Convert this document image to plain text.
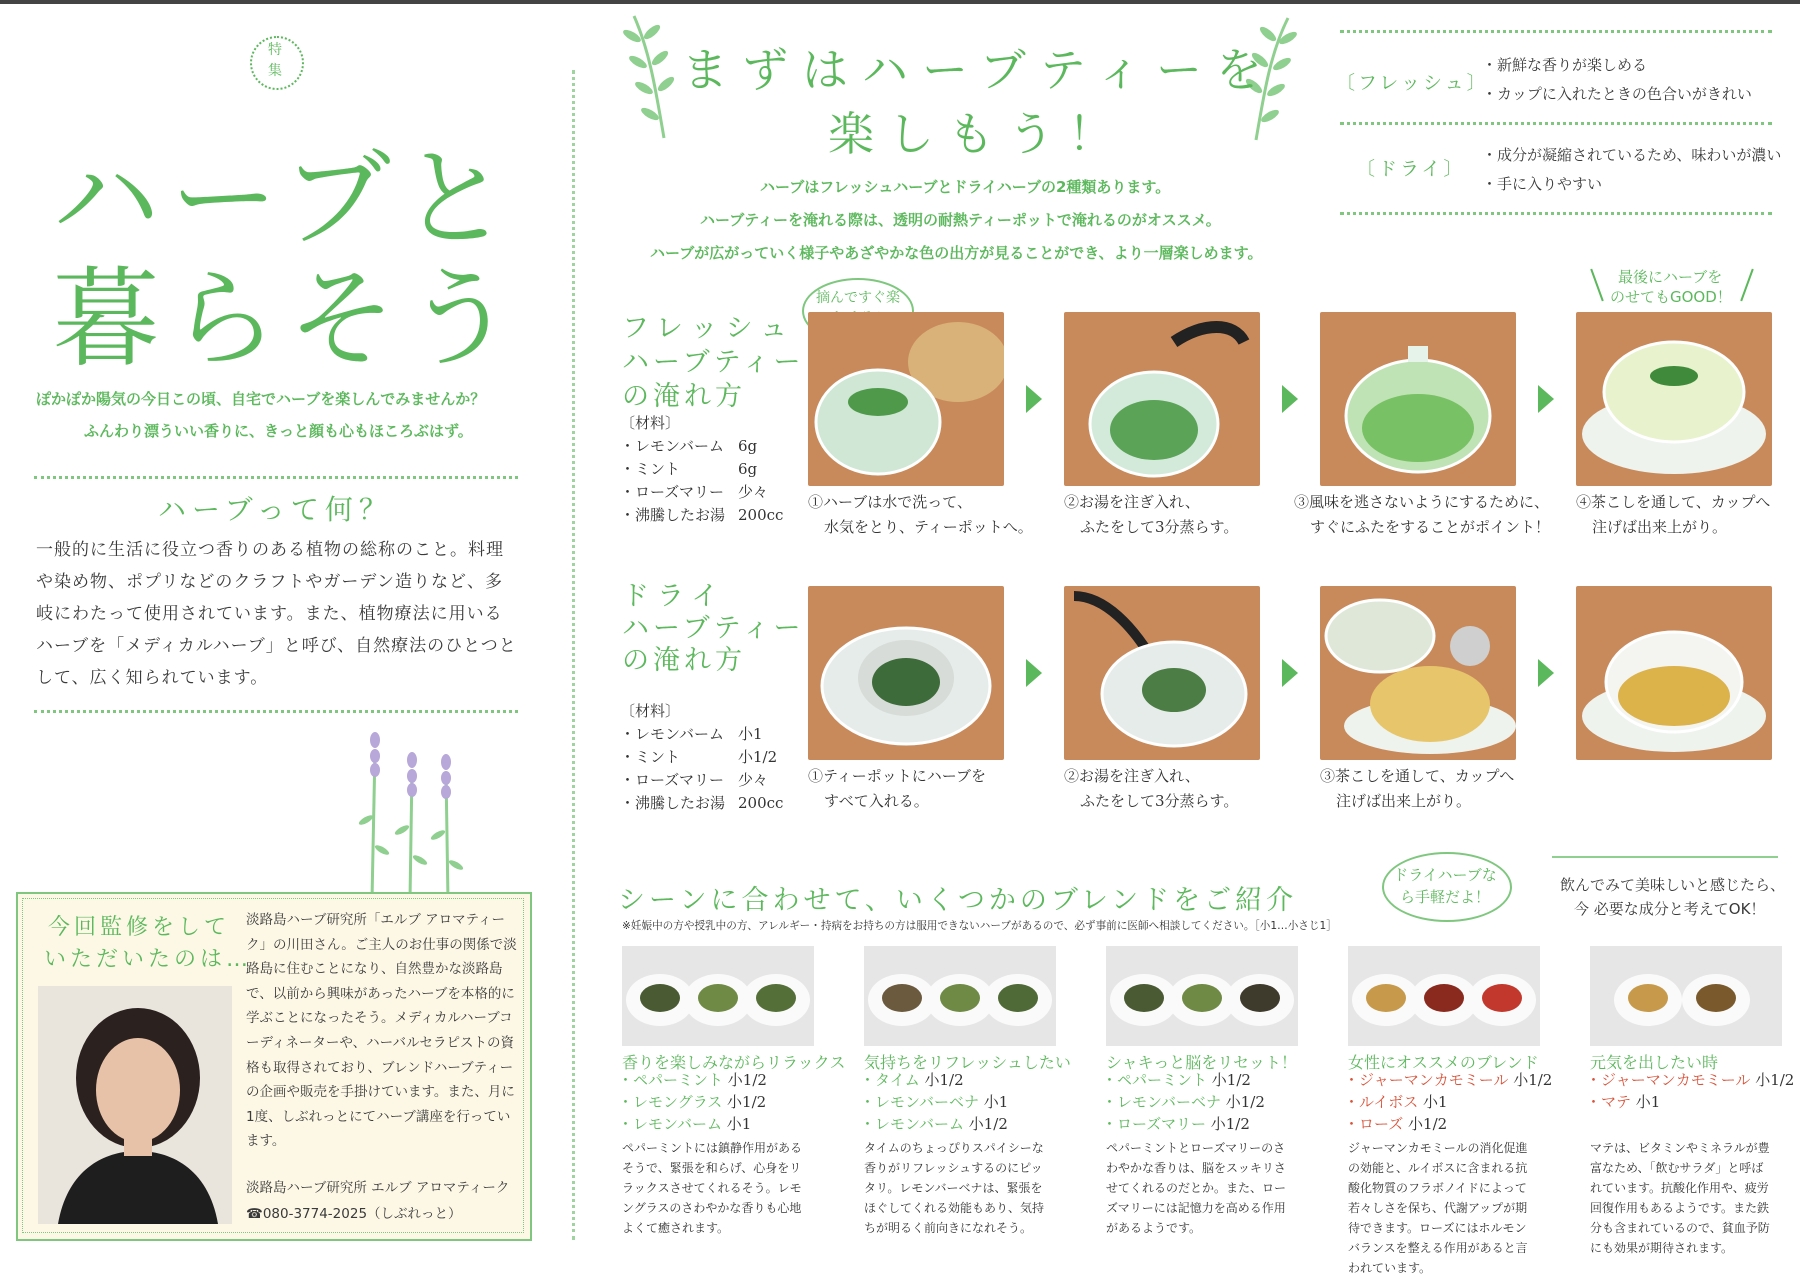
特集
ハーブと
暮らそう
ぽかぽか陽気の今日この頃、自宅でハーブを楽しんでみませんか？
ふんわり漂ういい香りに、きっと顔も心もほころぶはず。
ハーブって何？
一般的に生活に役立つ香りのある植物の総称のこと。料理や染め物、ポプリなどのクラフトやガーデン造りなど、多岐にわたって使用されています。また、植物療法に用いるハーブを「メディカルハーブ」と呼び、自然療法のひとつとして、広く知られています。
今回監修をして
いただいたのは…
淡路島ハーブ研究所「エルブ アロマティーク」の川田さん。ご主人のお仕事の関係で淡路島に住むことになり、自然豊かな淡路島で、以前から興味があったハーブを本格的に学ぶことになったそう。メディカルハーブコーディネーターや、ハーバルセラピストの資格も取得されており、ブレンドハーブティーの企画や販売を手掛けています。また、月に1度、しぶれっとにてハーブ講座を行っています。
淡路島ハーブ研究所 エルブ アロマティーク
☎080-3774-2025（しぶれっと）
まずはハーブティーを
楽しもう！
ハーブはフレッシュハーブとドライハーブの2種類あります。
ハーブティーを淹れる際は、透明の耐熱ティーポットで淹れるのがオススメ。
ハーブが広がっていく様子やあざやかな色の出方が見ることができ、より一層楽しめます。
〔フレッシュ〕
・新鮮な香りが楽しめる
・カップに入れたときの色合いがきれい
〔ドライ〕
・成分が凝縮されているため、味わいが濃い
・手に入りやすい
フレッシュ
ハーブティー
の淹れ方
摘んですぐ楽
〔材料〕
・レモンバーム 6g
・ミント	6g
・ローズマリー 少々
・沸騰したお湯 200cc
最後にハーブを
のせてもGOOD！
①ハーブは水で洗って、
水気をとり、ティーポットへ。
②お湯を注ぎ入れ、
ふたをして3分蒸らす。
③風味を逃さないようにするために、
すぐにふたをすることがポイント！
④茶こしを通して、カップへ
注げば出来上がり。
ドライ
ハーブティー
の淹れ方
〔材料〕
・レモンバーム 小1
・ミント	小1/2
・ローズマリー 少々
・沸騰したお湯 200cc
①ティーポットにハーブを
すべて入れる。
②お湯を注ぎ入れ、
ふたをして3分蒸らす。
③茶こしを通して、カップへ
注げば出来上がり。
シーンに合わせて、いくつかのブレンドをご紹介
ドライハーブなら手軽だよ！
※妊娠中の方や授乳中の方、アレルギー・持病をお持ちの方は服用できないハーブがあるので、必ず事前に医師へ相談してください。［小1…小さじ1］
飲んでみて美味しいと感じたら、
今 必要な成分と考えてOK！
香りを楽しみながらリラックス
・ペパーミント 小1/2
・レモングラス 小1/2
・レモンバーム 小1
ペパーミントには鎮静作用があるそうで、緊張を和らげ、心身をリラックスさせてくれるそう。レモングラスのさわやかな香りも心地よくて癒されます。
気持ちをリフレッシュしたい
・タイム 小1/2
・レモンバーベナ 小1
・レモンバーム 小1/2
タイムのちょっぴりスパイシーな香りがリフレッシュするのにピッタリ。レモンバーベナは、緊張をほぐしてくれる効能もあり、気持ちが明るく前向きになれそう。
シャキっと脳をリセット！
・ペパーミント 小1/2
・レモンバーベナ 小1/2
・ローズマリー 小1/2
ペパーミントとローズマリーのさわやかな香りは、脳をスッキリさせてくれるのだとか。また、ローズマリーには記憶力を高める作用があるようです。
女性にオススメのブレンド
・ジャーマンカモミール 小1/2
・ルイボス 小1
・ローズ 小1/2
ジャーマンカモミールの消化促進の効能と、ルイボスに含まれる抗酸化物質のフラボノイドによって若々しさを保ち、代謝アップが期待できます。ローズにはホルモンバランスを整える作用があると言われています。
元気を出したい時
・ジャーマンカモミール 小1/2
・マテ 小1
マテは、ビタミンやミネラルが豊富なため、「飲むサラダ」と呼ばれています。抗酸化作用や、疲労回復作用もあるようです。また鉄分も含まれているので、貧血予防にも効果が期待されます。
